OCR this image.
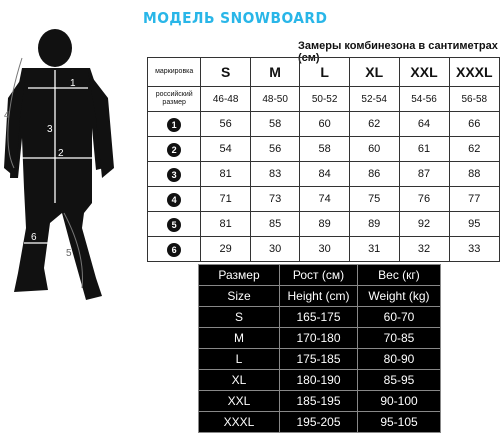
1
2
3
4
5
6
МОДЕЛЬ SNOWBOARD
Замеры комбинезона в сантиметрах (см)
маркировка	S	M	L	XL	XXL	XXXL
российский размер	46-48	48-50	50-52	52-54	54-56	56-58
1	56	58	60	62	64	66
2	54	56	58	60	61	62
3	81	83	84	86	87	88
4	71	73	74	75	76	77
5	81	85	89	89	92	95
6	29	30	30	31	32	33
Размер	Рост (см)	Вес (кг)
Size	Height (cm)	Weight (kg)
S	165-175	60-70
M	170-180	70-85
L	175-185	80-90
XL	180-190	85-95
XXL	185-195	90-100
XXXL	195-205	95-105
